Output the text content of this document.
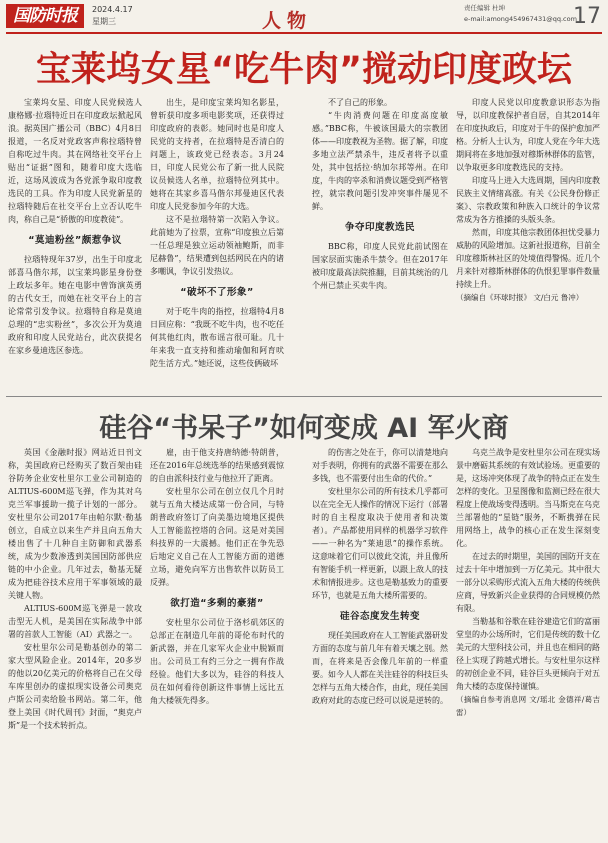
国防时报	2024.4.17
星期三	人物
责任编辑 杜坤
e-mail:among454967431@qq.com
17
宝莱坞女星“吃牛肉”搅动印度政坛

宝莱坞女星、印度人民党候选人康格娜·拉瑙特近日在印度政坛掀起风浪。据英国广播公司（BBC）4月8日报道，一名反对党政客声称拉瑙特曾自称吃过牛肉。其在网络社交平台上贴出“证据”图和，随着印度大选临近，这场风波成为各党派争取印度教选民的工具。作为印度人民党新星的拉瑙特随后在社交平台上立否认吃牛肉，称自己是“骄傲的印度教徒”。

“莫迪粉丝”颇惹争议

拉瑙特现年37岁，出生于印度北部喜马偕尔邦，以宝莱坞影星身份登上政坛多年。她在电影中曾饰演英勇的古代女王，而她在社交平台上的言论常常引发争议。拉瑙特自称是莫迪总理的“忠实粉丝”，多次公开为莫迪政府和印度人民党站台，此次获提名在家乡曼迪选区参选。

出生，是印度宝莱坞知名影星，曾斩获印度多项电影奖项，还获得过印度政府的表彰。她同时也是印度人民党的支持者，在拉瑙特是否清白的问题上，该政党已经表态。3月24日，印度人民党公布了新一批人民院议员候选人名单，拉瑙特位列其中。她将在其家乡喜马偕尔邦曼迪区代表印度人民党参加今年的大选。

这不是拉瑙特第一次陷入争议。此前她为了拉票，宣称“印度独立后第一任总理是独立运动领袖鲍斯，而非尼赫鲁”，结果遭到包括网民在内的诸多嘲讽，争议引发热议。

“破坏不了形象”

对于吃牛肉的指控，拉瑙特4月8日回应称：“我既不吃牛肉，也不吃任何其他红肉，散布谣言很可耻。几十年来我一直支持和推动瑜伽和阿育吠陀生活方式。”她还说，这些伎俩破坏

不了自己的形象。

“牛肉消费问题在印度高度敏感。”BBC称，牛被该国最大的宗教团体——印度教视为圣物。据了解，印度多地立法严禁杀牛，违反者将予以重处，其中包括拉·纳加尔邦等州。在印度，牛肉的宰杀和消费议题受到严格管控，就宗教问题引发冲突事件屡见不鲜。

争夺印度教选民

BBC称，印度人民党此前试图在国家层面实施杀牛禁令。但在2017年被印度最高法院推翻，目前其统治的几个州已禁止买卖牛肉。

印度人民党以印度教意识形态为指导，以印度教保护者自居，自其2014年在印度执政后，印度对于牛的保护愈加严格。分析人士认为，印度人党在今年大选期间将在多地加强对穆斯林群体的监管，以争取更多印度教选民的支持。

印度马上进入大选周期，国内印度教民族主义情绪高涨。有关《公民身份修正案》、宗教政策和种族入口统计的争议常常成为各方推搡的头版头条。

然而，印度其他宗教团体担忧受暴力威胁的风险增加。这新社报道称，目前全印度穆斯林社区的处境值得警惕。近几个月来针对穆斯林群体的仇恨犯罪事件数量持续上升。

（摘编自《环球时报》 文/白元 鲁冲）

硅谷“书呆子”如何变成 AI 军火商

英国《金融时报》网站近日刊文称，美国政府已经购买了数百架由硅谷防务企业安杜里尔工业公司制造的ALTIUS-600M巡飞弹，作为其对乌克兰军事援助一揽子计划的一部分。安杜里尔公司2017年由帕尔默·勒基创立，自成立以来生产并且向五角大楼出售了十几种自主防御和武器系统，成为少数渗透到美国国防部供应链的中小企业。几年过去，勒基无疑成为把硅谷技术应用于军事领域的最关键人物。

ALTIUS-600M巡飞弹是一款攻击型无人机，是美国在实际战争中部署的首款人工智能（AI）武器之一。

安杜里尔公司是勒基创办的第二家大型风险企业。2014年，20多岁的他以20亿美元的价格将自己在父母车库里创办的虚拟现实设备公司奥克卢斯公司卖给脸书网站。第二年，他登上美国《时代周刊》封面，“奥克卢斯”是一个技术转折点。

雇，由于他支持唐纳德·特朗普，还在2016年总统选举的结果感到震惊的自由派科技行业与他拉开了距离。

安杜里尔公司在创立仅几个月时就与五角大楼达成第一份合同，与特朗普政府签订了向美墨边境地区提供人工智能监控塔的合同。这是对美国科技界的一大震撼。他们正在争先恐后地定义自己在人工智能方面的道德立场，避免向军方出售软件以防员工反弹。

欲打造“多剩的豪猪”

安杜里尔公司位于洛杉矶郊区的总部正在制造几年前的哥伦布时代的新武器，并在几家军火企业中脱颖而出。公司员工有约三分之一拥有作战经验。他们大多以为，硅谷的科技人员在如何看待创新这件事情上远比五角大楼领先得多。

的伤害之处在于，你可以清楚地向对手表明，你拥有的武器不需要在那么多钱，也不需要付出生命的代价。”

安杜里尔公司的所有技术几乎都可以在完全无人操作的情况下运行（部署时的自主程度取决于使用者和决策者）。产品都使用同样的机器学习软件——一种名为“莱迪思”的操作系统。这意味着它们可以彼此交流，并且像所有智能手机一样更新，以跟上敌人的技术和情报进步。这也是勒基致力的重要环节，也就是五角大楼所需要的。

硅谷态度发生转变

现任美国政府在人工智能武器研发方面的态度与前几年有着天壤之别。然而，在将来是否会像几年前的一样重要。如今人人都在关注硅谷的科技巨头怎样与五角大楼合作，由此，现任美国政府对此的态度已经可以说是逆转的。

乌克兰战争是安杜里尔公司在现实场景中磨砺其系统的有效试验场。更重要的是，这场冲突体现了战争的特点正在发生怎样的变化。卫星图像和监测已经在很大程度上使战场变得透明。当马斯克在乌克兰部署他的“星链”服务，不断携弹在民用网络上，战争的核心正在发生深刻变化。

在过去的时期里，美国的国防开支在过去十年中增加到一万亿美元。其中很大一部分以采购形式流入五角大楼的传统供应商，导致新兴企业获得的合同规模仍然有限。

当勒基和谷歌在硅谷建造它们的富丽堂皇的办公场所时，它们是传统的数十亿美元的大型科技公司，并且也在相同的路径上实现了跨越式增长。与安杜里尔这样的初创企业不同，硅谷巨头更倾向于对五角大楼的态度保持谨慎。

（摘编自参考消息网 文/瑶北 金德祥/葛吉雷）
